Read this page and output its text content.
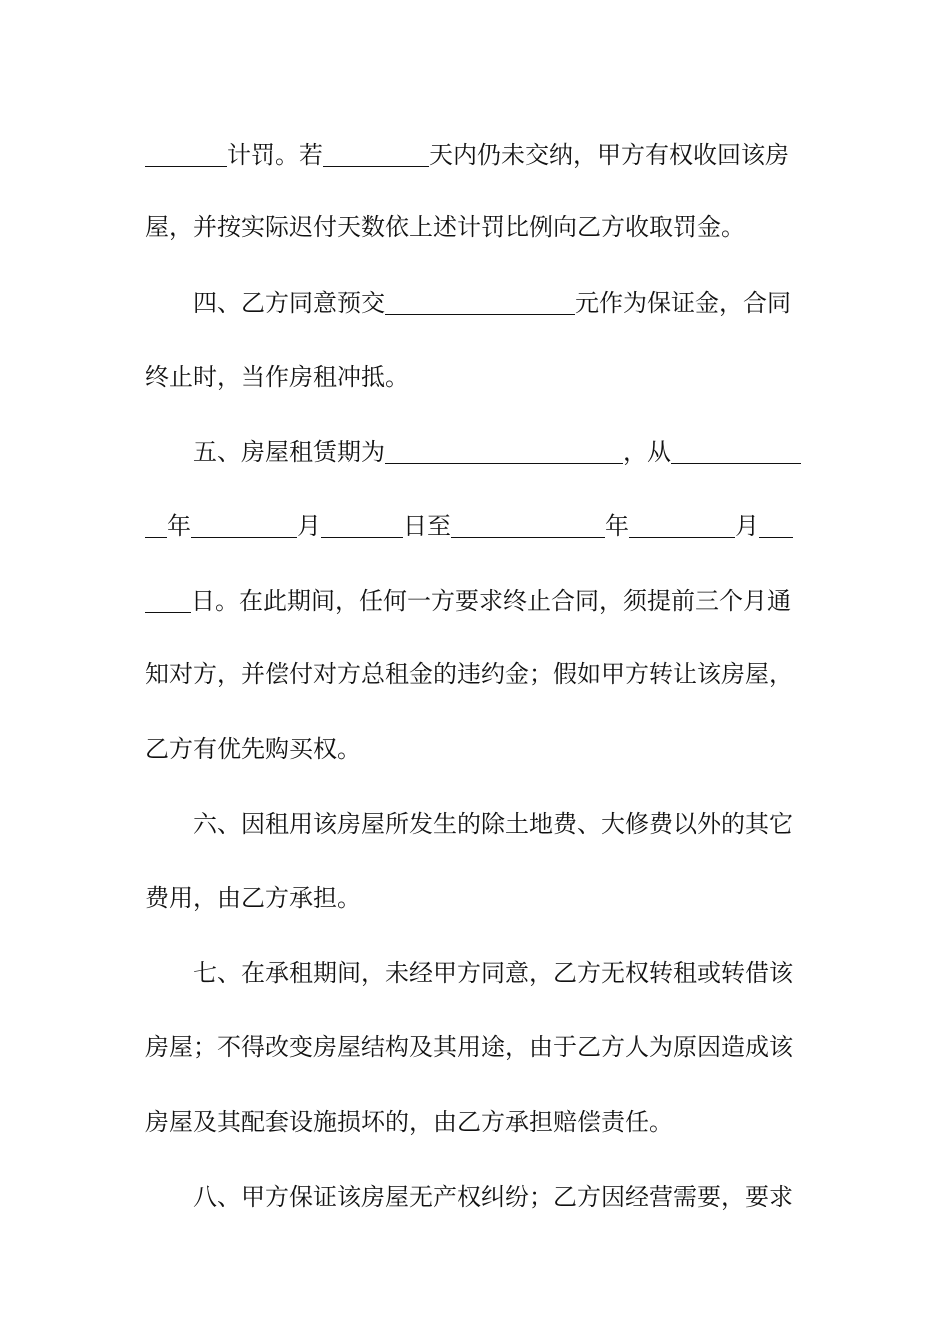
计罚。若	天内仍未交纳，甲方有权收回该房
屋，并按实际迟付天数依上述计罚比例向乙方收取罚金。
四、乙方同意预交	元作为保证金，合同
终止时，当作房租冲抵。
五、房屋租赁期为	，从
年	月	日至	年	月
日。在此期间，任何一方要求终止合同，须提前三个月通
知对方，并偿付对方总租金的违约金；假如甲方转让该房屋，
乙方有优先购买权。
六、因租用该房屋所发生的除土地费、大修费以外的其它
费用，由乙方承担。
七、在承租期间，未经甲方同意，乙方无权转租或转借该
房屋；不得改变房屋结构及其用途，由于乙方人为原因造成该
房屋及其配套设施损坏的，由乙方承担赔偿责任。
八、甲方保证该房屋无产权纠纷；乙方因经营需要，要求
